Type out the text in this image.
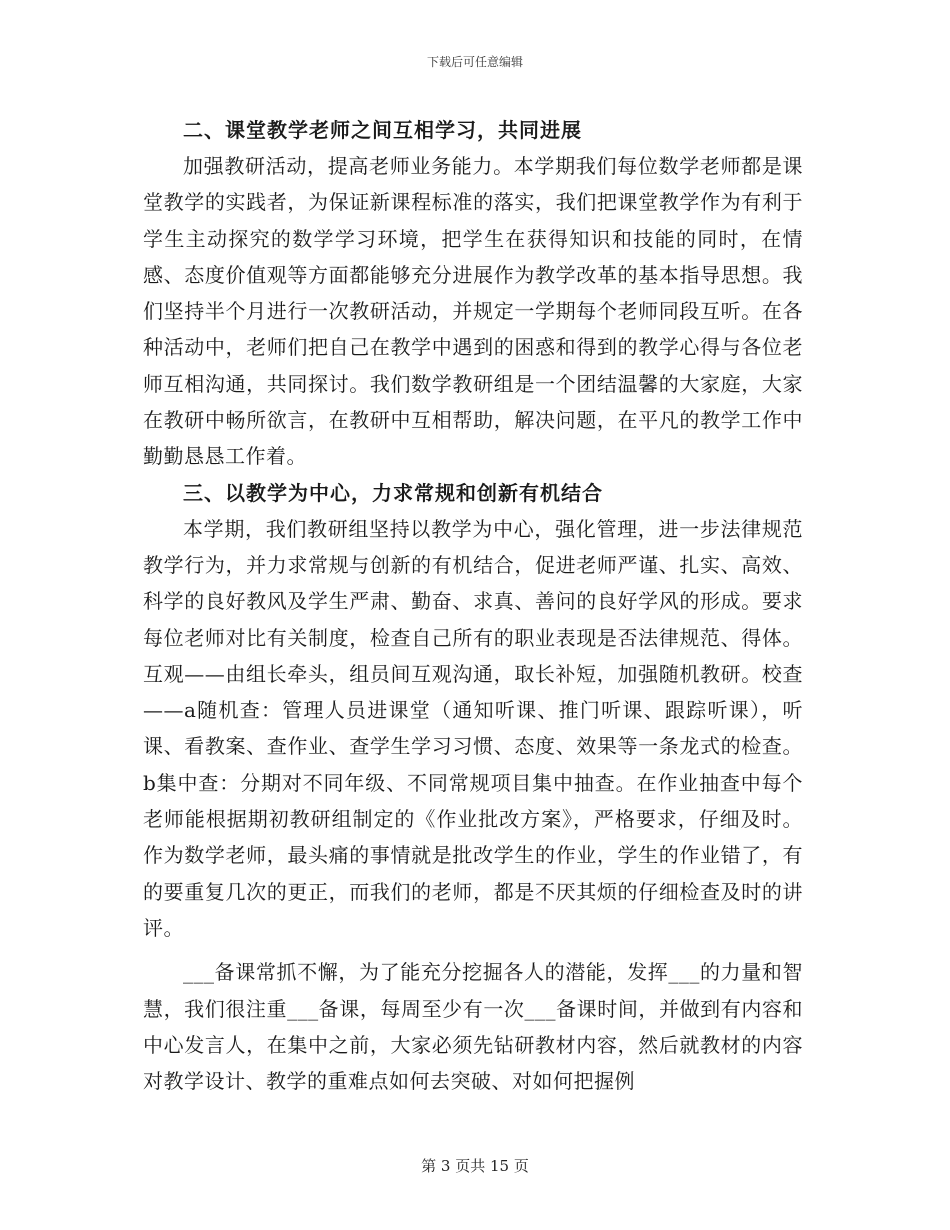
下载后可任意编辑
二、课堂教学老师之间互相学习，共同进展

加强教研活动，提高老师业务能力。本学期我们每位数学老师都是课堂教学的实践者，为保证新课程标准的落实，我们把课堂教学作为有利于学生主动探究的数学学习环境，把学生在获得知识和技能的同时，在情感、态度价值观等方面都能够充分进展作为教学改革的基本指导思想。我们坚持半个月进行一次教研活动，并规定一学期每个老师同段互听。在各种活动中，老师们把自己在教学中遇到的困惑和得到的教学心得与各位老师互相沟通，共同探讨。我们数学教研组是一个团结温馨的大家庭，大家在教研中畅所欲言，在教研中互相帮助，解决问题，在平凡的教学工作中勤勤恳恳工作着。

三、以教学为中心，力求常规和创新有机结合

本学期，我们教研组坚持以教学为中心，强化管理，进一步法律规范教学行为，并力求常规与创新的有机结合，促进老师严谨、扎实、高效、科学的良好教风及学生严肃、勤奋、求真、善问的良好学风的形成。要求每位老师对比有关制度，检查自己所有的职业表现是否法律规范、得体。互观——由组长牵头，组员间互观沟通，取长补短，加强随机教研。校查——a随机查：管理人员进课堂（通知听课、推门听课、跟踪听课），听课、看教案、查作业、查学生学习习惯、态度、效果等一条龙式的检查。b集中查：分期对不同年级、不同常规项目集中抽查。在作业抽查中每个老师能根据期初教研组制定的《作业批改方案》，严格要求，仔细及时。作为数学老师，最头痛的事情就是批改学生的作业，学生的作业错了，有的要重复几次的更正，而我们的老师，都是不厌其烦的仔细检查及时的讲评。

___备课常抓不懈，为了能充分挖掘各人的潜能，发挥___的力量和智慧，我们很注重___备课，每周至少有一次___备课时间，并做到有内容和中心发言人，在集中之前，大家必须先钻研教材内容，然后就教材的内容对教学设计、教学的重难点如何去突破、对如何把握例

第 3 页共 15 页
